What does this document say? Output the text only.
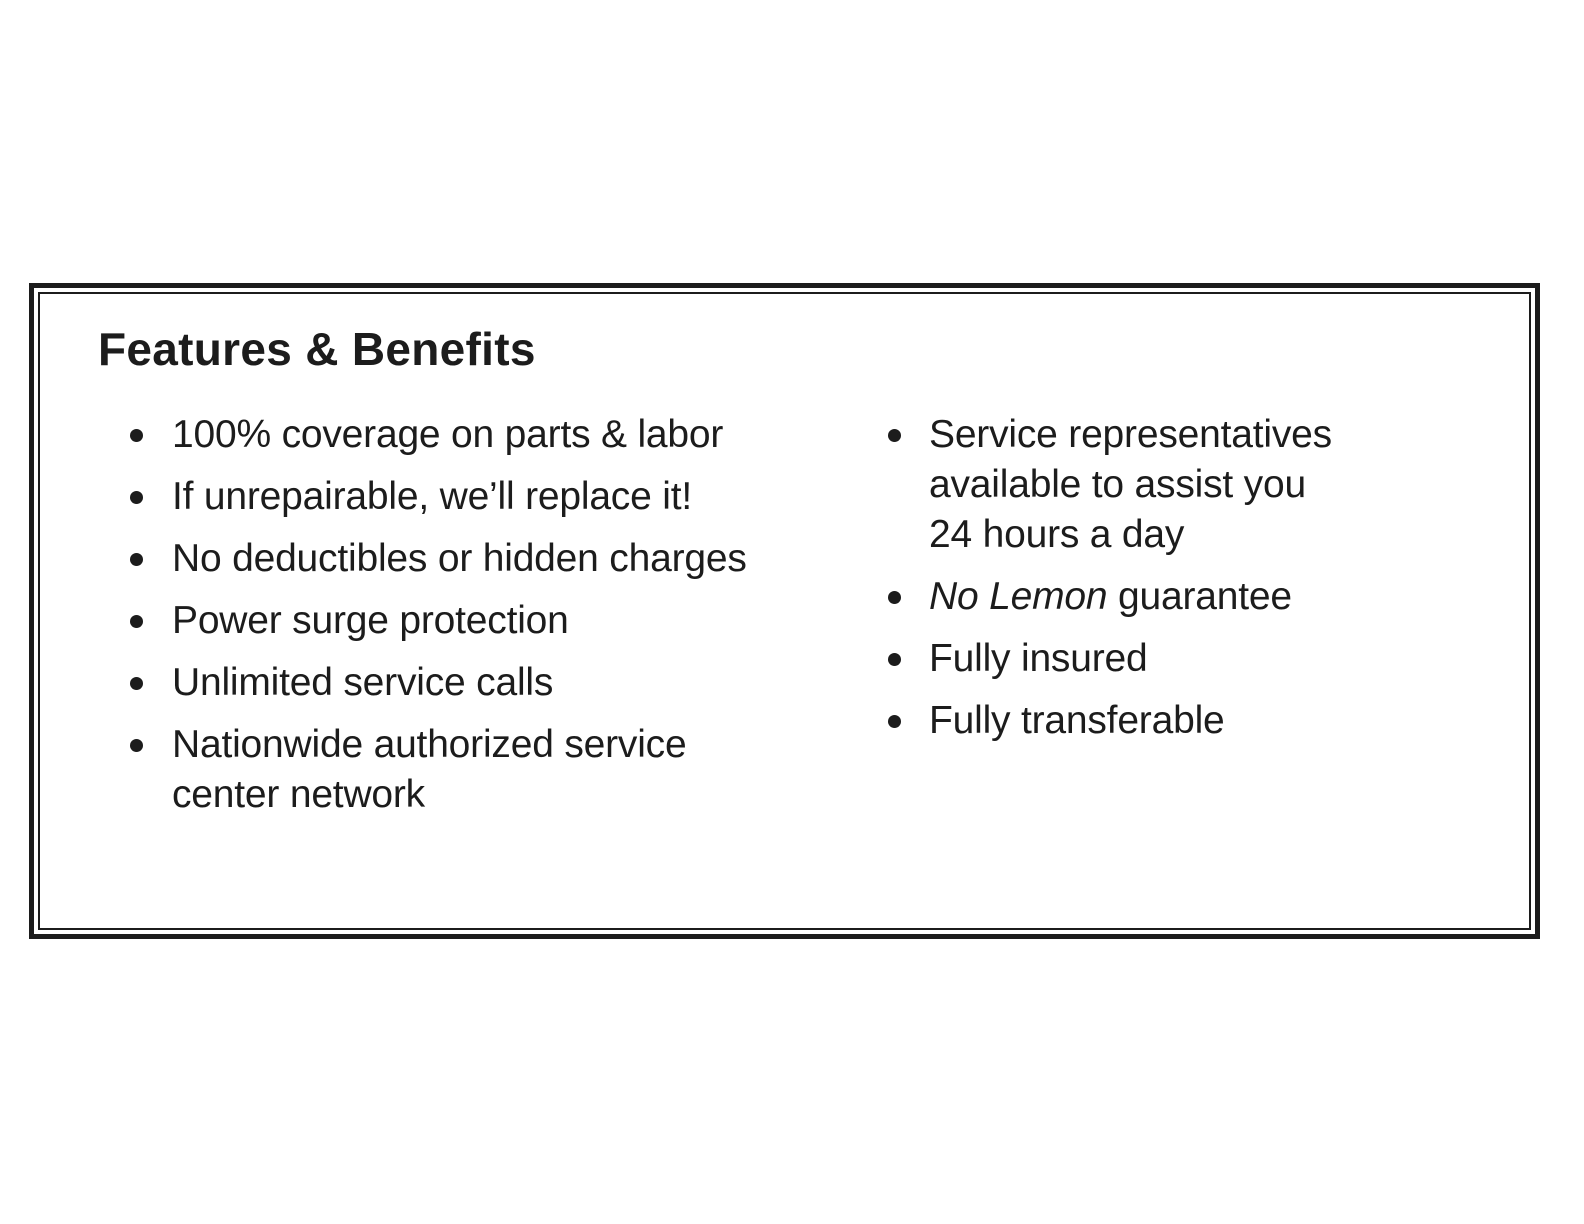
Features & Benefits
100% coverage on parts & labor
If unrepairable, we’ll replace it!
No deductibles or hidden charges
Power surge protection
Unlimited service calls
Nationwide authorized service
center network
Service representatives
available to assist you
24 hours a day
No Lemon guarantee
Fully insured
Fully transferable
